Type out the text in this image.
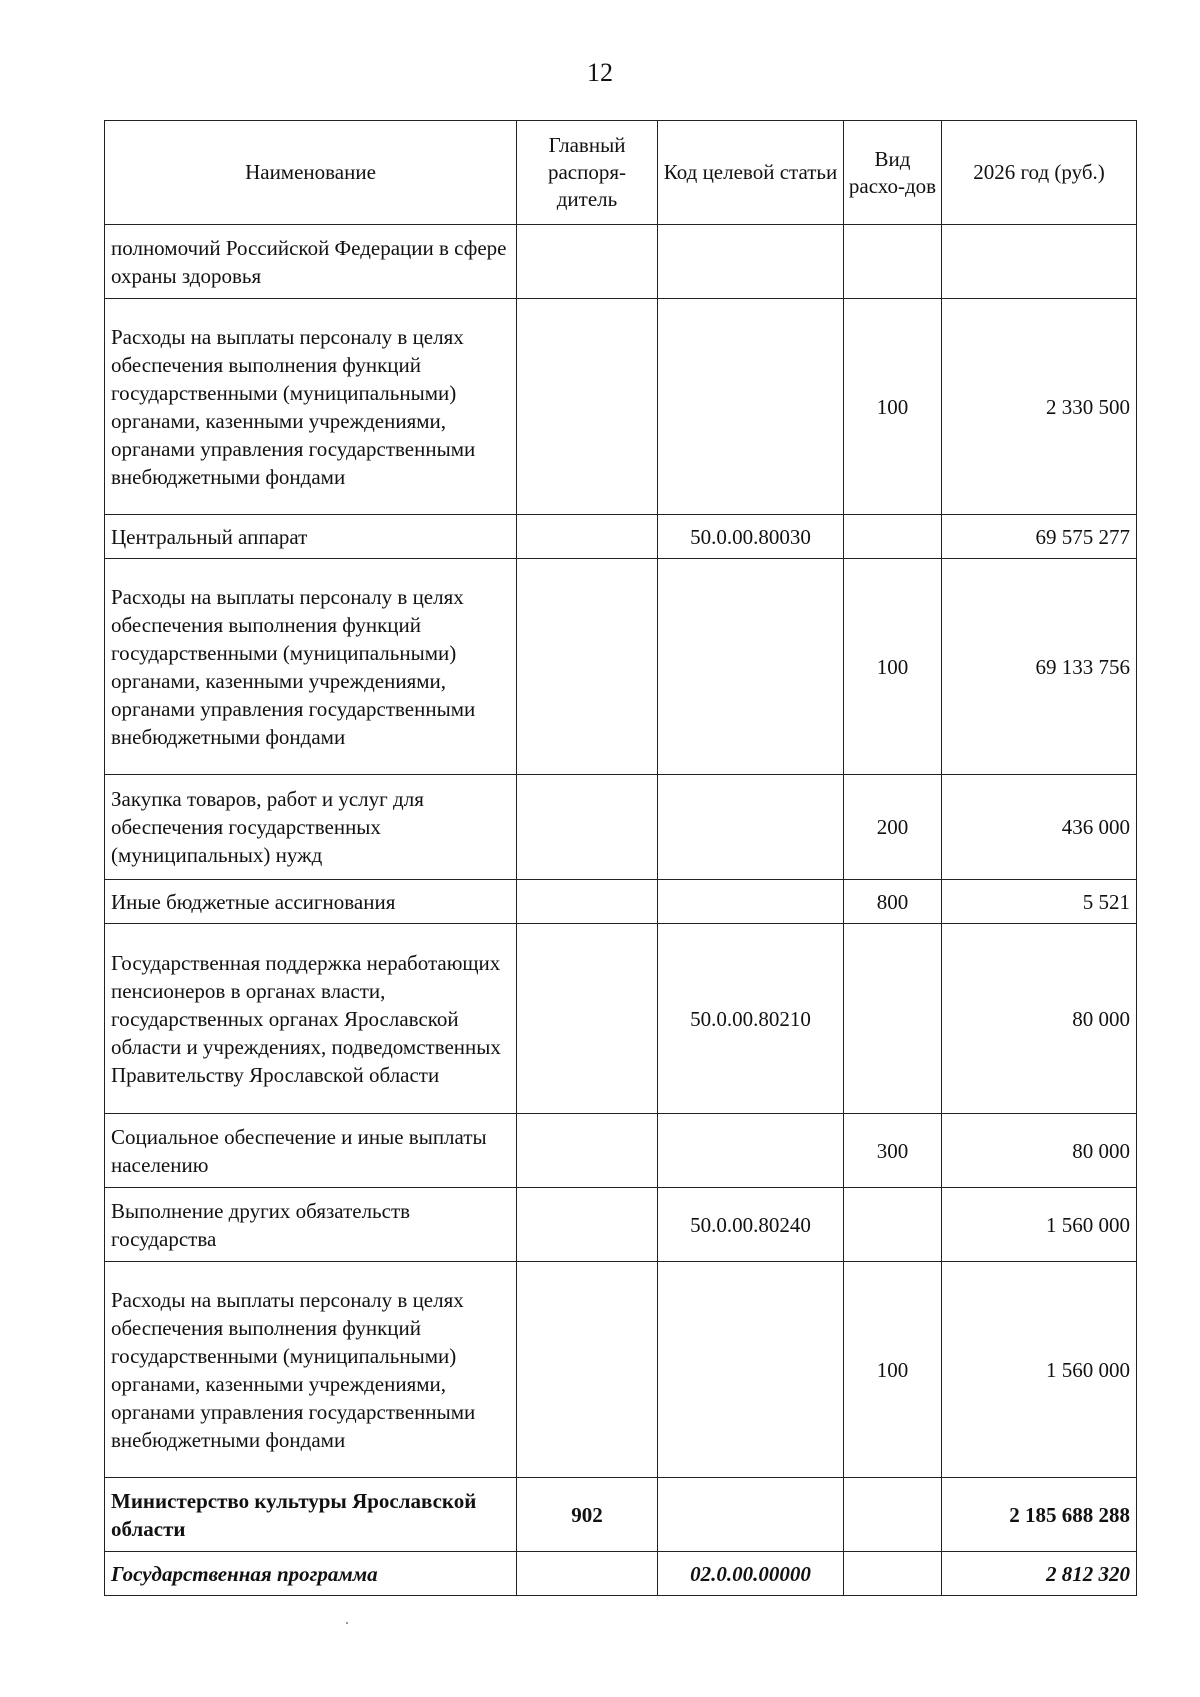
12
Наименование	Главный распоря-дитель	Код целевой статьи	Вид расхо-дов	2026 год (руб.)
полномочий Российской Федерации в сфере охраны здоровья				
Расходы на выплаты персоналу в целях обеспечения выполнения функций государственными (муниципальными) органами, казенными учреждениями, органами управления государственными внебюджетными фондами			100	2 330 500
Центральный аппарат		50.0.00.80030		69 575 277
Расходы на выплаты персоналу в целях обеспечения выполнения функций государственными (муниципальными) органами, казенными учреждениями, органами управления государственными внебюджетными фондами			100	69 133 756
Закупка товаров, работ и услуг для обеспечения государственных (муниципальных) нужд			200	436 000
Иные бюджетные ассигнования			800	5 521
Государственная поддержка неработающих пенсионеров в органах власти, государственных органах Ярославской области и учреждениях, подведомственных Правительству Ярославской области		50.0.00.80210		80 000
Социальное обеспечение и иные выплаты населению			300	80 000
Выполнение других обязательств государства		50.0.00.80240		1 560 000
Расходы на выплаты персоналу в целях обеспечения выполнения функций государственными (муниципальными) органами, казенными учреждениями, органами управления государственными внебюджетными фондами			100	1 560 000
Министерство культуры Ярославской области	902			2 185 688 288
Государственная программа		02.0.00.00000		2 812 320
